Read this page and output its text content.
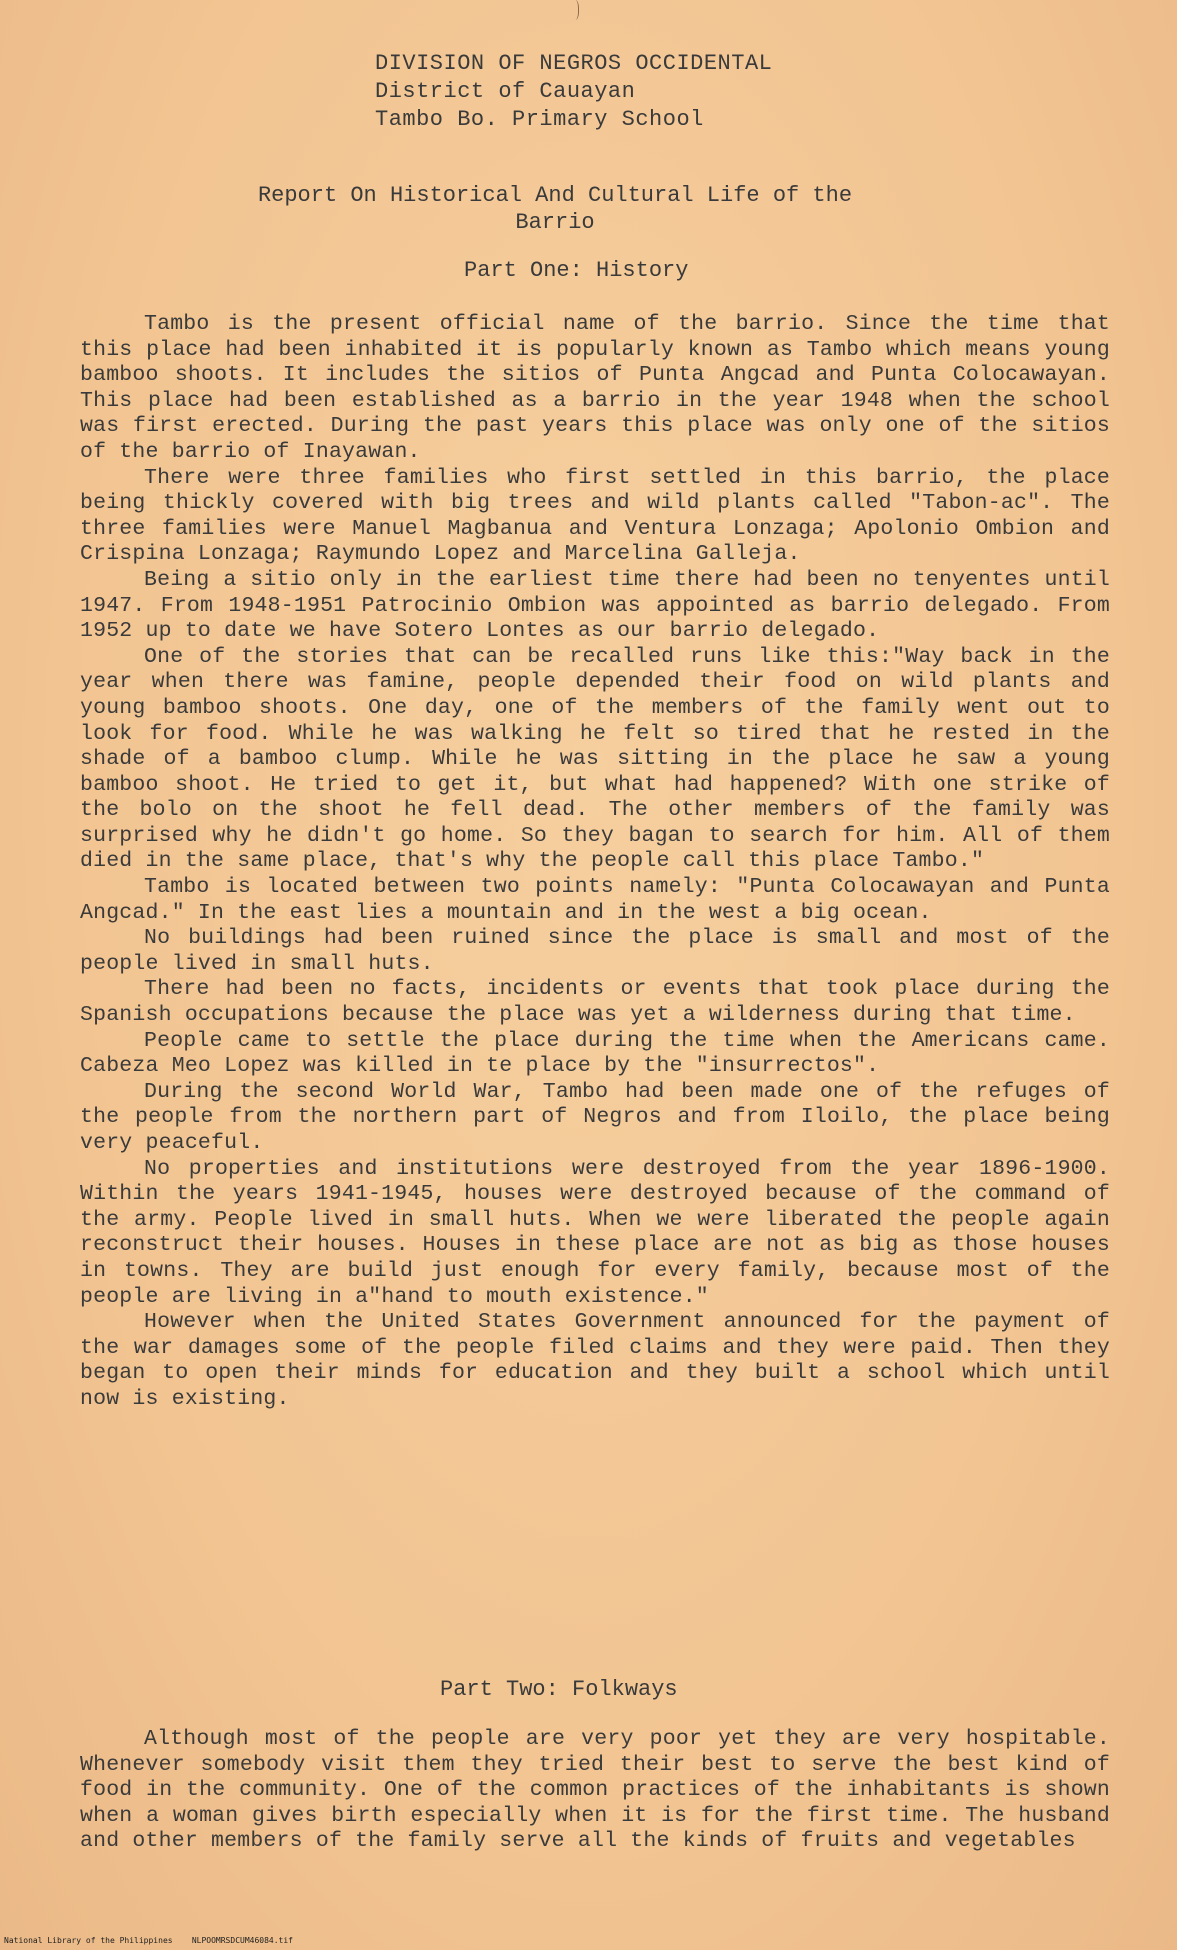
DIVISION OF NEGROS OCCIDENTAL
District of Cauayan
Tambo Bo. Primary School
Report On Historical And Cultural Life of the
Barrio
Part One: History

Tambo is the present official name of the barrio. Since the time that this place had been inhabited it is popularly known as Tambo which means young bamboo shoots. It includes the sitios of Punta Angcad and Punta Colocawayan. This place had been established as a barrio in the year 1948 when the school was first erected. During the past years this place was only one of the sitios of the barrio of Inayawan.

There were three families who first settled in this barrio, the place being thickly covered with big trees and wild plants called "Tabon-ac". The three families were Manuel Magbanua and Ventura Lonzaga; Apolonio Ombion and Crispina Lonzaga; Raymundo Lopez and Marcelina Galleja.

Being a sitio only in the earliest time there had been no tenyentes until 1947. From 1948-1951 Patrocinio Ombion was appointed as barrio delegado. From 1952 up to date we have Sotero Lontes as our barrio delegado.

One of the stories that can be recalled runs like this:"Way back in the year when there was famine, people depended their food on wild plants and young bamboo shoots. One day, one of the members of the family went out to look for food. While he was walking he felt so tired that he rested in the shade of a bamboo clump. While he was sitting in the place he saw a young bamboo shoot. He tried to get it, but what had happened? With one strike of the bolo on the shoot he fell dead. The other members of the family was surprised why he didn't go home. So they bagan to search for him. All of them died in the same place, that's why the people call this place Tambo."

Tambo is located between two points namely: "Punta Colocawayan and Punta Angcad." In the east lies a mountain and in the west a big ocean.

No buildings had been ruined since the place is small and most of the people lived in small huts.

There had been no facts, incidents or events that took place during the Spanish occupations because the place was yet a wilderness during that time.

People came to settle the place during the time when the Americans came. Cabeza Meo Lopez was killed in te place by the "insurrectos".

During the second World War, Tambo had been made one of the refuges of the people from the northern part of Negros and from Iloilo, the place being very peaceful.

No properties and institutions were destroyed from the year 1896-1900. Within the years 1941-1945, houses were destroyed because of the command of the army. People lived in small huts. When we were liberated the people again reconstruct their houses. Houses in these place are not as big as those houses in towns. They are build just enough for every family, because most of the people are living in a"hand to mouth existence."

However when the United States Government announced for the payment of the war damages some of the people filed claims and they were paid. Then they began to open their minds for education and they built a school which until now is existing.

Part Two: Folkways

Although most of the people are very poor yet they are very hospitable. Whenever somebody visit them they tried their best to serve the best kind of food in the community. One of the common practices of the inhabitants is shown when a woman gives birth especially when it is for the first time. The husband and other members of the family serve all the kinds of fruits and vegetables

National Library of the Philippines    NLPOOMRSDCUM46084.tif
